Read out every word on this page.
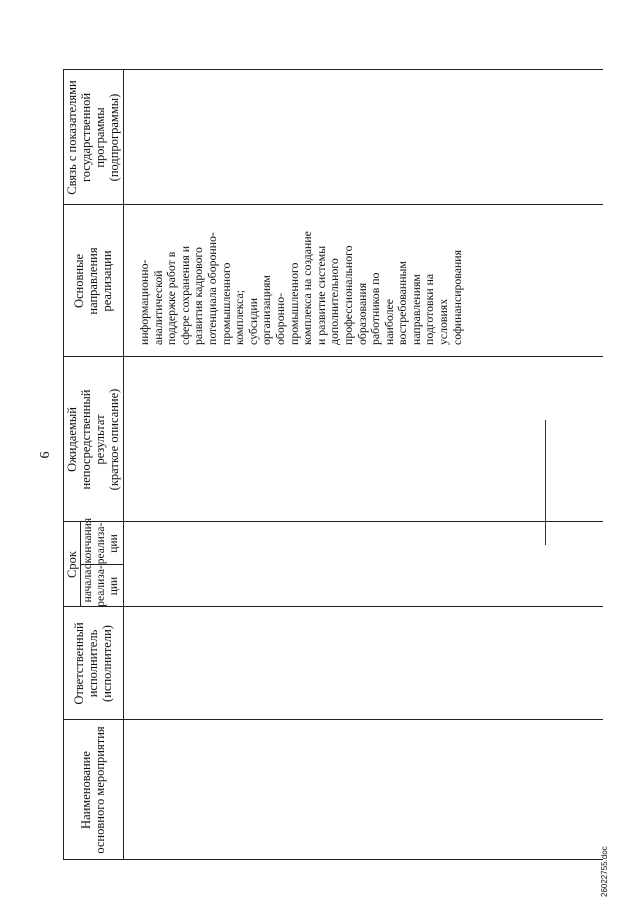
6
Наименование основного мероприятия
Ответственный исполнитель (исполнители)
Срок
начала реализа- ции
окончания реализа- ции
Ожидаемый непосредственный результат (краткое описание)
Основные направления реализации
Связь с показателями государственной программы (подпрограммы)
информационно- аналитической поддержке работ в сфере сохранения и развития кадрового потенциала оборонно- промышленного комплекса; субсидии организациям оборонно- промышленного комплекса на создание и развитие системы дополнительного профессионального образования работников по наиболее востребованным направлениям подготовки на условиях софинансирования
26022755.doc
